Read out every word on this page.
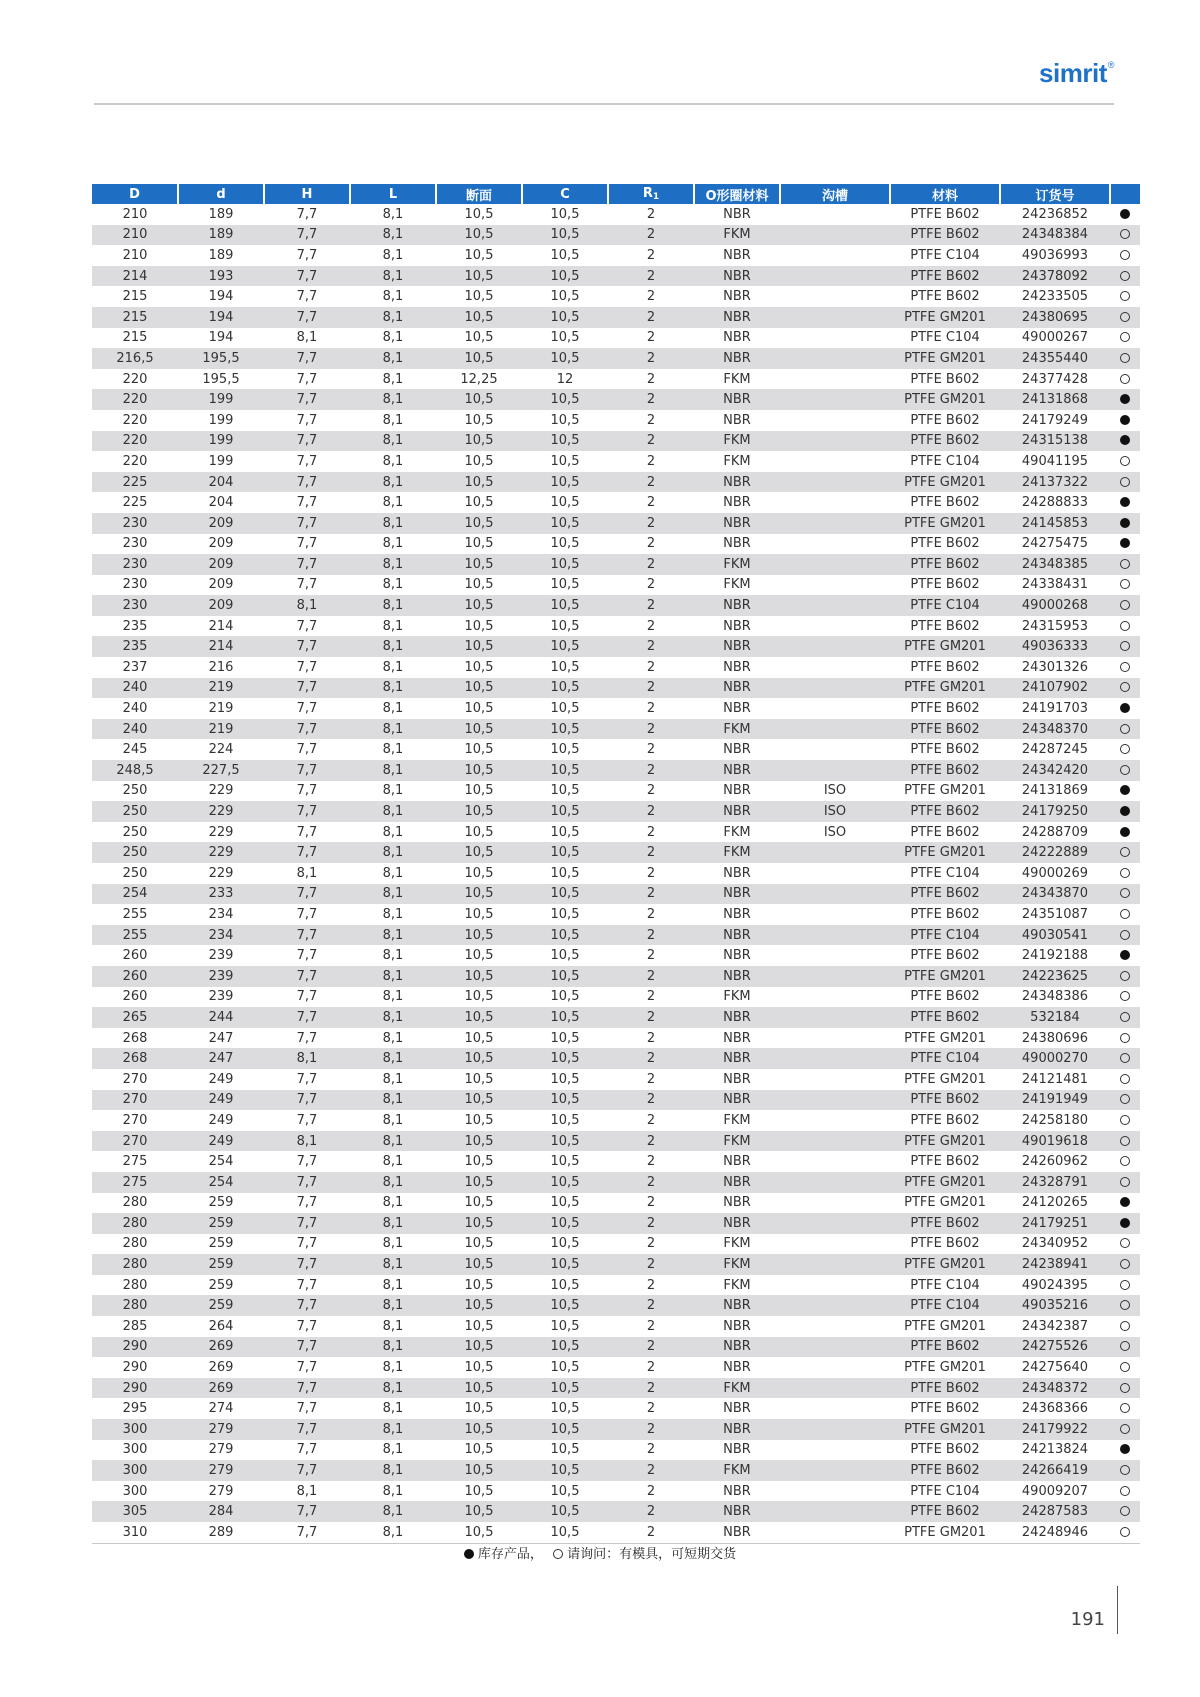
simrit®
D	d	H	L	断面	C	$R_1$	O形圈材料	沟槽	材料	订货号	
210	189	7,7	8,1	10,5	10,5	2	NBR		PTFE B602	24236852	
210	189	7,7	8,1	10,5	10,5	2	FKM		PTFE B602	24348384	
210	189	7,7	8,1	10,5	10,5	2	NBR		PTFE C104	49036993	
214	193	7,7	8,1	10,5	10,5	2	NBR		PTFE B602	24378092	
215	194	7,7	8,1	10,5	10,5	2	NBR		PTFE B602	24233505	
215	194	7,7	8,1	10,5	10,5	2	NBR		PTFE GM201	24380695	
215	194	8,1	8,1	10,5	10,5	2	NBR		PTFE C104	49000267	
216,5	195,5	7,7	8,1	10,5	10,5	2	NBR		PTFE GM201	24355440	
220	195,5	7,7	8,1	12,25	12	2	FKM		PTFE B602	24377428	
220	199	7,7	8,1	10,5	10,5	2	NBR		PTFE GM201	24131868	
220	199	7,7	8,1	10,5	10,5	2	NBR		PTFE B602	24179249	
220	199	7,7	8,1	10,5	10,5	2	FKM		PTFE B602	24315138	
220	199	7,7	8,1	10,5	10,5	2	FKM		PTFE C104	49041195	
225	204	7,7	8,1	10,5	10,5	2	NBR		PTFE GM201	24137322	
225	204	7,7	8,1	10,5	10,5	2	NBR		PTFE B602	24288833	
230	209	7,7	8,1	10,5	10,5	2	NBR		PTFE GM201	24145853	
230	209	7,7	8,1	10,5	10,5	2	NBR		PTFE B602	24275475	
230	209	7,7	8,1	10,5	10,5	2	FKM		PTFE B602	24348385	
230	209	7,7	8,1	10,5	10,5	2	FKM		PTFE B602	24338431	
230	209	8,1	8,1	10,5	10,5	2	NBR		PTFE C104	49000268	
235	214	7,7	8,1	10,5	10,5	2	NBR		PTFE B602	24315953	
235	214	7,7	8,1	10,5	10,5	2	NBR		PTFE GM201	49036333	
237	216	7,7	8,1	10,5	10,5	2	NBR		PTFE B602	24301326	
240	219	7,7	8,1	10,5	10,5	2	NBR		PTFE GM201	24107902	
240	219	7,7	8,1	10,5	10,5	2	NBR		PTFE B602	24191703	
240	219	7,7	8,1	10,5	10,5	2	FKM		PTFE B602	24348370	
245	224	7,7	8,1	10,5	10,5	2	NBR		PTFE B602	24287245	
248,5	227,5	7,7	8,1	10,5	10,5	2	NBR		PTFE B602	24342420	
250	229	7,7	8,1	10,5	10,5	2	NBR	ISO	PTFE GM201	24131869	
250	229	7,7	8,1	10,5	10,5	2	NBR	ISO	PTFE B602	24179250	
250	229	7,7	8,1	10,5	10,5	2	FKM	ISO	PTFE B602	24288709	
250	229	7,7	8,1	10,5	10,5	2	FKM		PTFE GM201	24222889	
250	229	8,1	8,1	10,5	10,5	2	NBR		PTFE C104	49000269	
254	233	7,7	8,1	10,5	10,5	2	NBR		PTFE B602	24343870	
255	234	7,7	8,1	10,5	10,5	2	NBR		PTFE B602	24351087	
255	234	7,7	8,1	10,5	10,5	2	NBR		PTFE C104	49030541	
260	239	7,7	8,1	10,5	10,5	2	NBR		PTFE B602	24192188	
260	239	7,7	8,1	10,5	10,5	2	NBR		PTFE GM201	24223625	
260	239	7,7	8,1	10,5	10,5	2	FKM		PTFE B602	24348386	
265	244	7,7	8,1	10,5	10,5	2	NBR		PTFE B602	532184	
268	247	7,7	8,1	10,5	10,5	2	NBR		PTFE GM201	24380696	
268	247	8,1	8,1	10,5	10,5	2	NBR		PTFE C104	49000270	
270	249	7,7	8,1	10,5	10,5	2	NBR		PTFE GM201	24121481	
270	249	7,7	8,1	10,5	10,5	2	NBR		PTFE B602	24191949	
270	249	7,7	8,1	10,5	10,5	2	FKM		PTFE B602	24258180	
270	249	8,1	8,1	10,5	10,5	2	FKM		PTFE GM201	49019618	
275	254	7,7	8,1	10,5	10,5	2	NBR		PTFE B602	24260962	
275	254	7,7	8,1	10,5	10,5	2	NBR		PTFE GM201	24328791	
280	259	7,7	8,1	10,5	10,5	2	NBR		PTFE GM201	24120265	
280	259	7,7	8,1	10,5	10,5	2	NBR		PTFE B602	24179251	
280	259	7,7	8,1	10,5	10,5	2	FKM		PTFE B602	24340952	
280	259	7,7	8,1	10,5	10,5	2	FKM		PTFE GM201	24238941	
280	259	7,7	8,1	10,5	10,5	2	FKM		PTFE C104	49024395	
280	259	7,7	8,1	10,5	10,5	2	NBR		PTFE C104	49035216	
285	264	7,7	8,1	10,5	10,5	2	NBR		PTFE GM201	24342387	
290	269	7,7	8,1	10,5	10,5	2	NBR		PTFE B602	24275526	
290	269	7,7	8,1	10,5	10,5	2	NBR		PTFE GM201	24275640	
290	269	7,7	8,1	10,5	10,5	2	FKM		PTFE B602	24348372	
295	274	7,7	8,1	10,5	10,5	2	NBR		PTFE B602	24368366	
300	279	7,7	8,1	10,5	10,5	2	NBR		PTFE GM201	24179922	
300	279	7,7	8,1	10,5	10,5	2	NBR		PTFE B602	24213824	
300	279	7,7	8,1	10,5	10,5	2	FKM		PTFE B602	24266419	
300	279	8,1	8,1	10,5	10,5	2	NBR		PTFE C104	49009207	
305	284	7,7	8,1	10,5	10,5	2	NBR		PTFE B602	24287583	
310	289	7,7	8,1	10,5	10,5	2	NBR		PTFE GM201	24248946	
库存产品， 请询问：有模具，可短期交货
191
